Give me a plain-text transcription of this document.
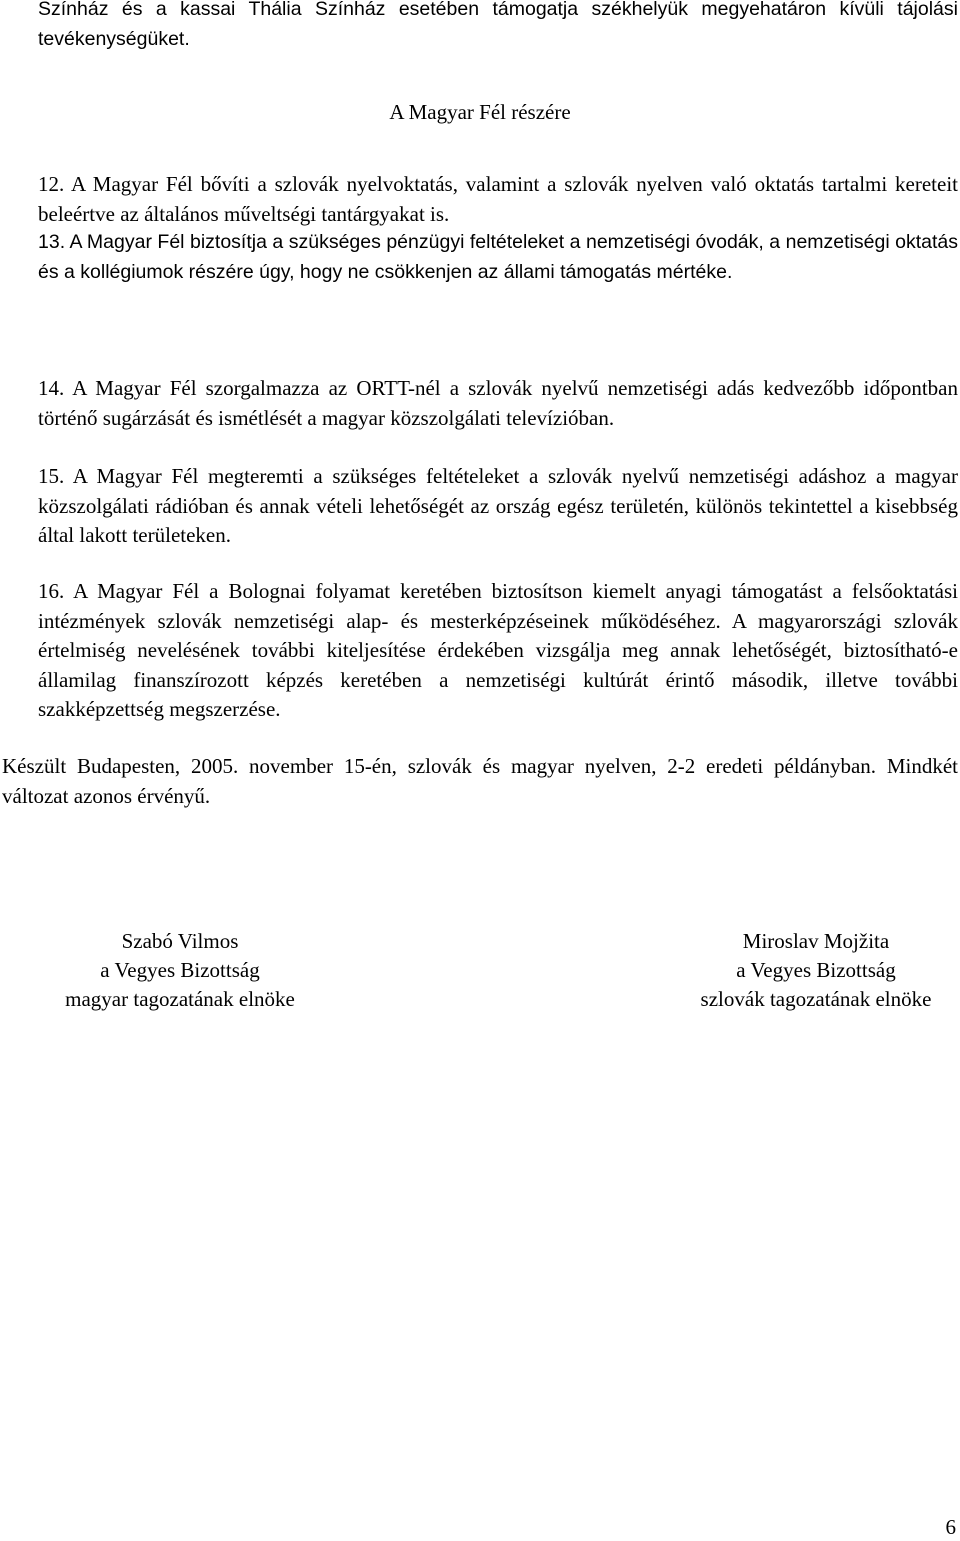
Színház és a kassai Thália Színház esetében támogatja székhelyük megyehatáron kívüli tájolási tevékenységüket.

A Magyar Fél részére

12. A Magyar Fél bővíti a szlovák nyelvoktatás, valamint a szlovák nyelven való oktatás tartalmi kereteit beleértve az általános műveltségi tantárgyakat is.

13. A Magyar Fél biztosítja a szükséges pénzügyi feltételeket a nemzetiségi óvodák, a nemzetiségi oktatás és a kollégiumok részére úgy, hogy ne csökkenjen az állami támogatás mértéke.

14. A Magyar Fél szorgalmazza az ORTT-nél a szlovák nyelvű nemzetiségi adás kedvezőbb időpontban történő sugárzását és ismétlését a magyar közszolgálati televízióban.

15. A Magyar Fél megteremti a szükséges feltételeket a szlovák nyelvű nemzetiségi adáshoz a magyar közszolgálati rádióban és annak vételi lehetőségét az ország egész területén, különös tekintettel a kisebbség által lakott területeken.

16. A Magyar Fél a Bolognai folyamat keretében biztosítson kiemelt anyagi támogatást a felsőoktatási intézmények szlovák nemzetiségi alap- és mesterképzéseinek működéséhez. A magyarországi szlovák értelmiség nevelésének további kiteljesítése érdekében vizsgálja meg annak lehetőségét, biztosítható-e államilag finanszírozott képzés keretében a nemzetiségi kultúrát érintő második, illetve további szakképzettség megszerzése.

Készült Budapesten, 2005. november 15-én, szlovák és magyar nyelven, 2-2 eredeti példányban. Mindkét változat azonos érvényű.

Szabó Vilmos
a Vegyes Bizottság
magyar tagozatának elnöke
Miroslav Mojžita
a Vegyes Bizottság
szlovák tagozatának elnöke
6
